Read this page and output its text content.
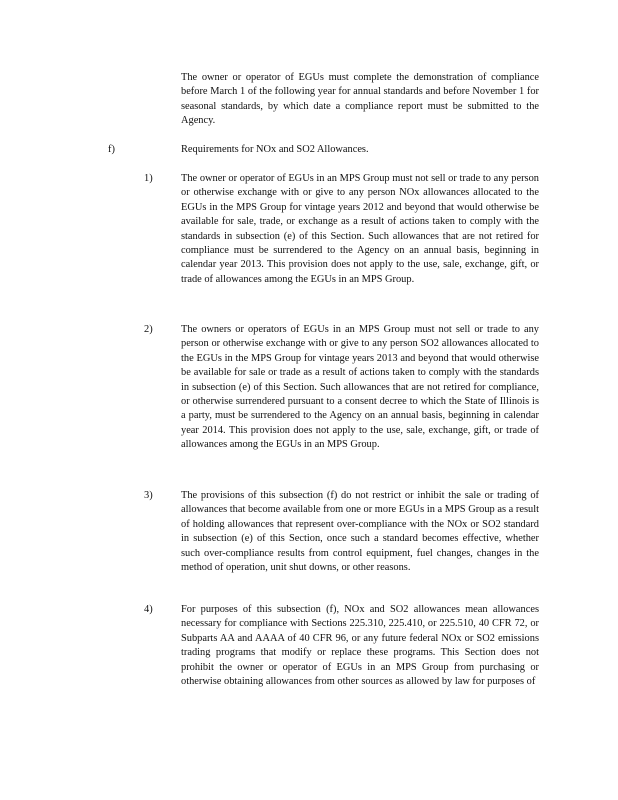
The owner or operator of EGUs must complete the demonstration of compliance before March 1 of the following year for annual standards and before November 1 for seasonal standards, by which date a compliance report must be submitted to the Agency.

f)	Requirements for NOx and SO2 Allowances.
1)	The owner or operator of EGUs in an MPS Group must not sell or trade to any person or otherwise exchange with or give to any person NOx allowances allocated to the EGUs in the MPS Group for vintage years 2012 and beyond that would otherwise be available for sale, trade, or exchange as a result of actions taken to comply with the standards in subsection (e) of this Section. Such allowances that are not retired for compliance must be surrendered to the Agency on an annual basis, beginning in calendar year 2013. This provision does not apply to the use, sale, exchange, gift, or trade of allowances among the EGUs in an MPS Group.

2)	The owners or operators of EGUs in an MPS Group must not sell or trade to any person or otherwise exchange with or give to any person SO2 allowances allocated to the EGUs in the MPS Group for vintage years 2013 and beyond that would otherwise be available for sale or trade as a result of actions taken to comply with the standards in subsection (e) of this Section. Such allowances that are not retired for compliance, or otherwise surrendered pursuant to a consent decree to which the State of Illinois is a party, must be surrendered to the Agency on an annual basis, beginning in calendar year 2014. This provision does not apply to the use, sale, exchange, gift, or trade of allowances among the EGUs in an MPS Group.

3)	The provisions of this subsection (f) do not restrict or inhibit the sale or trading of allowances that become available from one or more EGUs in a MPS Group as a result of holding allowances that represent over-compliance with the NOx or SO2 standard in subsection (e) of this Section, once such a standard becomes effective, whether such over-compliance results from control equipment, fuel changes, changes in the method of operation, unit shut downs, or other reasons.

4)	For purposes of this subsection (f), NOx and SO2 allowances mean allowances necessary for compliance with Sections 225.310, 225.410, or 225.510, 40 CFR 72, or Subparts AA and AAAA of 40 CFR 96, or any future federal NOx or SO2 emissions trading programs that modify or replace these programs. This Section does not prohibit the owner or operator of EGUs in an MPS Group from purchasing or otherwise obtaining allowances from other sources as allowed by law for purposes of
